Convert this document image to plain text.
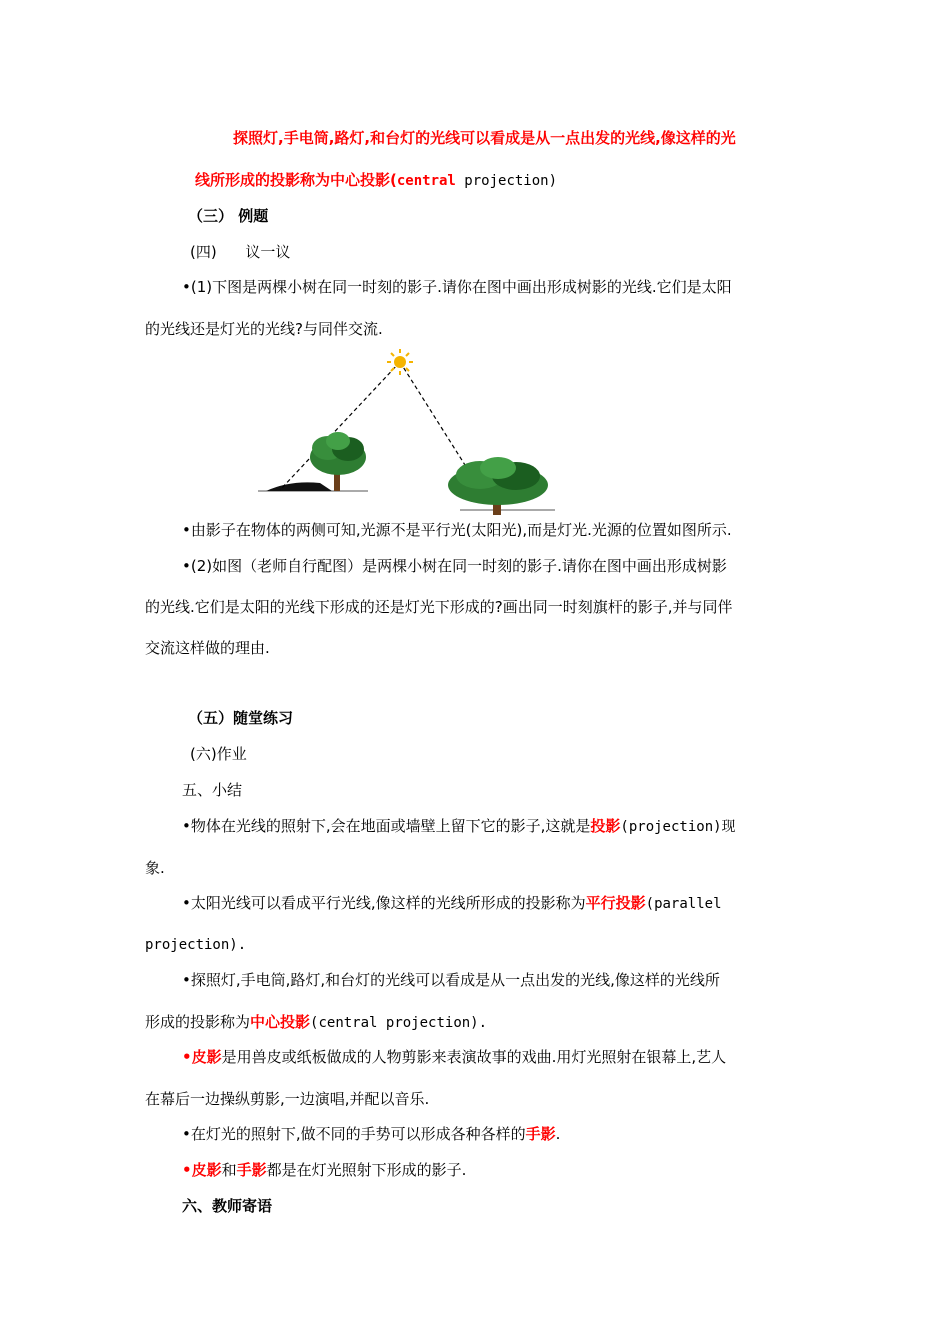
探照灯,手电筒,路灯,和台灯的光线可以看成是从一点出发的光线,像这样的光
线所形成的投影称为中心投影(central projection)
（三） 例题
(四)      议一议
•(1)下图是两棵小树在同一时刻的影子.请你在图中画出形成树影的光线.它们是太阳
的光线还是灯光的光线?与同伴交流.
•由影子在物体的两侧可知,光源不是平行光(太阳光),而是灯光.光源的位置如图所示.
•(2)如图（老师自行配图）是两棵小树在同一时刻的影子.请你在图中画出形成树影
的光线.它们是太阳的光线下形成的还是灯光下形成的?画出同一时刻旗杆的影子,并与同伴
交流这样做的理由.
（五）随堂练习
(六)作业
五、小结
•物体在光线的照射下,会在地面或墙壁上留下它的影子,这就是投影(projection)现
象.
•太阳光线可以看成平行光线,像这样的光线所形成的投影称为平行投影(parallel
projection).
•探照灯,手电筒,路灯,和台灯的光线可以看成是从一点出发的光线,像这样的光线所
形成的投影称为中心投影(central projection).
•皮影是用兽皮或纸板做成的人物剪影来表演故事的戏曲.用灯光照射在银幕上,艺人
在幕后一边操纵剪影,一边演唱,并配以音乐.
•在灯光的照射下,做不同的手势可以形成各种各样的手影.
•皮影和手影都是在灯光照射下形成的影子.
六、教师寄语
